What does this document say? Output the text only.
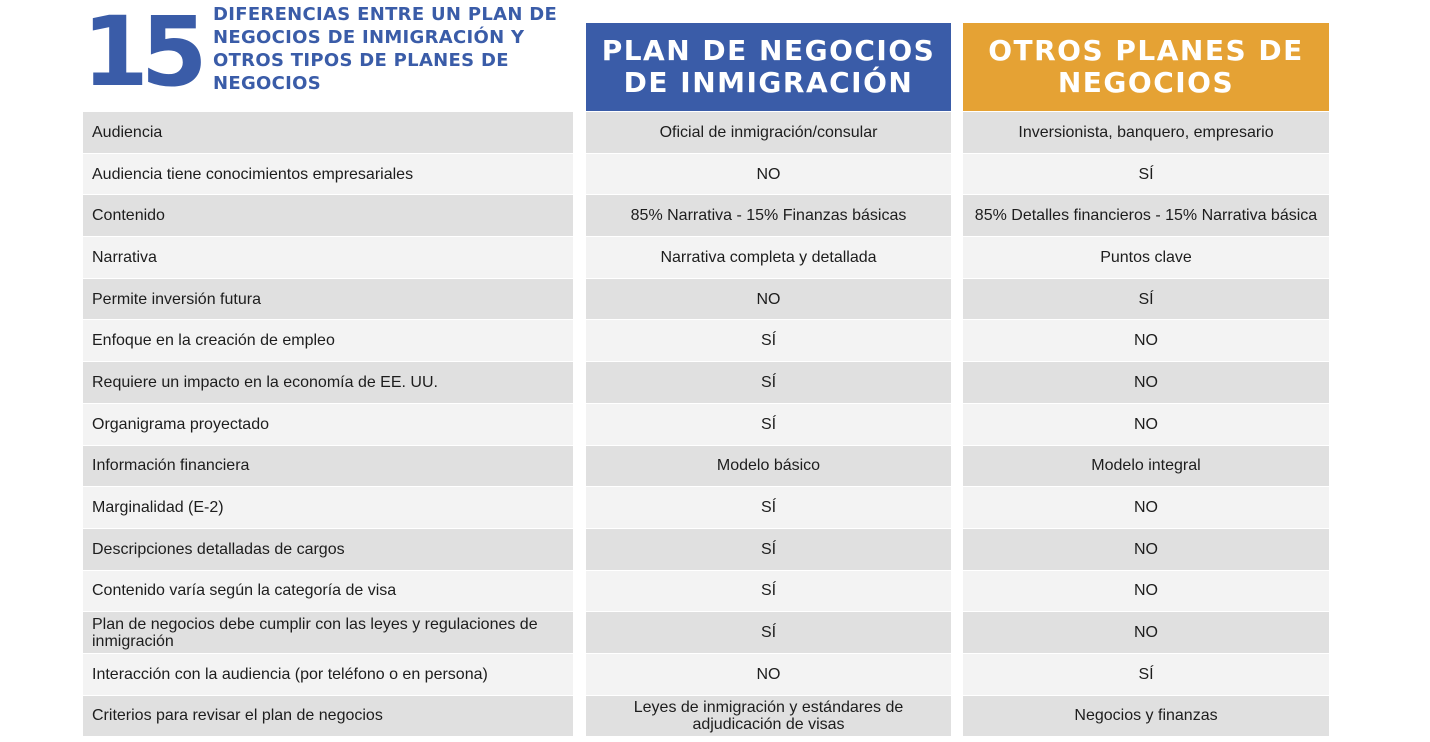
15 DIFERENCIAS ENTRE UN PLAN DE NEGOCIOS DE INMIGRACIÓN Y OTROS TIPOS DE PLANES DE NEGOCIOS
PLAN DE NEGOCIOS DE INMIGRACIÓN
OTROS PLANES DE NEGOCIOS
Audiencia	Oficial de inmigración/consular	Inversionista, banquero, empresario
Audiencia tiene conocimientos empresariales	NO	SÍ
Contenido	85% Narrativa - 15% Finanzas básicas	85% Detalles financieros - 15% Narrativa básica
Narrativa	Narrativa completa y detallada	Puntos clave
Permite inversión futura	NO	SÍ
Enfoque en la creación de empleo	SÍ	NO
Requiere un impacto en la economía de EE. UU.	SÍ	NO
Organigrama proyectado	SÍ	NO
Información financiera	Modelo básico	Modelo integral
Marginalidad (E-2)	SÍ	NO
Descripciones detalladas de cargos	SÍ	NO
Contenido varía según la categoría de visa	SÍ	NO
Plan de negocios debe cumplir con las leyes y regulaciones de inmigración	SÍ	NO
Interacción con la audiencia (por teléfono o en persona)	NO	SÍ
Criterios para revisar el plan de negocios	Leyes de inmigración y estándares de adjudicación de visas	Negocios y finanzas
